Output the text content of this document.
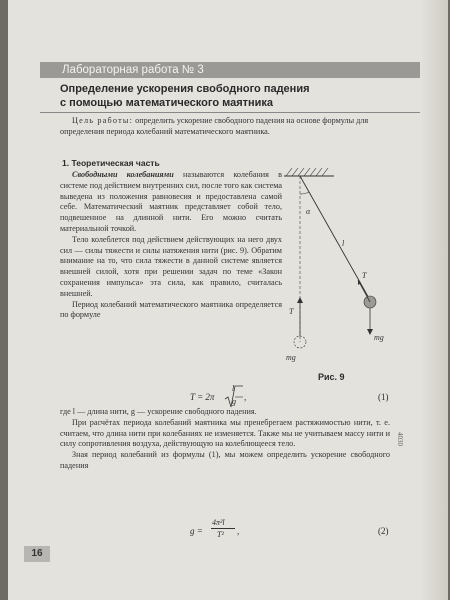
Лабораторная работа № 3
Определение ускорения свободного падения
с помощью математического маятника

Цель работы: определить ускорение свободного падения на основе формулы для определения периода колебаний математического маятника.

1. Теоретическая часть

Свободными колебаниями называются колебания в системе под действием внутренних сил, после того как система выведена из положения равновесия и предоставлена самой себе. Математический маятник представляет собой тело, подвешенное на длинной нити. Его можно считать материальной точкой.

Тело колеблется под действием действующих на него двух сил — силы тяжести и силы натяжения нити (рис. 9). Обратим внимание на то, что сила тяжести в данной системе является внешней силой, хотя при решении задач по теме «Закон сохранения импульса» эта сила, как правило, считалась внешней.

Период колебаний математического маятника определяется по формуле

T = 2π
l
g ,	(1)

где l — длина нити, g — ускорение свободного падения.

При расчётах периода колебаний маятника мы пренебрегаем растяжимостью нити, т. е. считаем, что длина нити при колебаниях не изменяется. Также мы не учитываем массу нити и силу сопротивления воздуха, действующую на колеблющееся тело.

Зная период колебаний из формулы (1), мы можем определить ускорение свободного падения

g =
4π²l
T² ,	(2)
α
l
T
mg
T
mg
Рис. 9
16
4030
